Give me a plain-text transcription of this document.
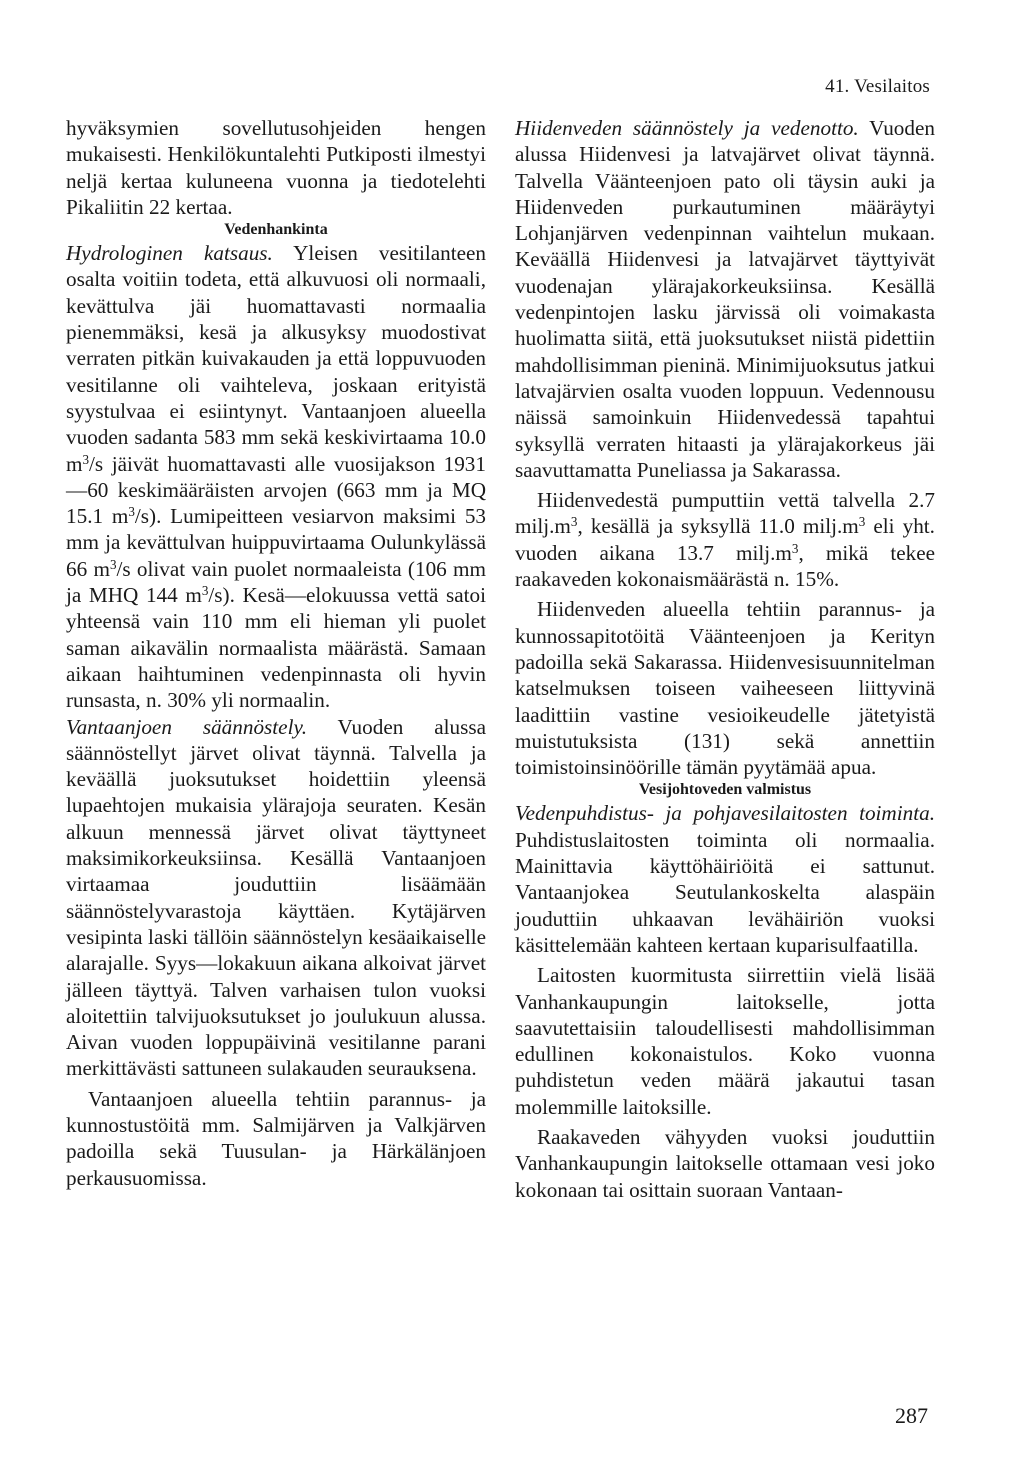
41. Vesilaitos

hyväksymien sovellutusohjeiden hengen mukaisesti. Henkilökuntalehti Putkiposti ilmestyi neljä kertaa kuluneena vuonna ja tiedotelehti Pikaliitin 22 kertaa.

Vedenhankinta

Hydrologinen katsaus. Yleisen vesitilanteen osalta voitiin todeta, että alkuvuosi oli normaali, kevättulva jäi huomattavasti normaalia pienemmäksi, kesä ja alkusyksy muodostivat verraten pitkän kuivakauden ja että loppuvuoden vesitilanne oli vaihteleva, joskaan erityistä syystulvaa ei esiintynyt. Vantaanjoen alueella vuoden sadanta 583 mm sekä keskivirtaama 10.0 $m^3/s$ jäivät huomattavasti alle vuosijakson 1931—60 keskimääräisten arvojen (663 mm ja MQ 15.1 $m^3/s$). Lumipeitteen vesiarvon maksimi 53 mm ja kevättulvan huippuvirtaama Oulunkylässä 66 $m^3/s$ olivat vain puolet normaaleista (106 mm ja MHQ 144 $m^3/s$). Kesä—elokuussa vettä satoi yhteensä vain 110 mm eli hieman yli puolet saman aikavälin normaalista määrästä. Samaan aikaan haihtuminen vedenpinnasta oli hyvin runsasta, n. 30% yli normaalin.

Vantaanjoen säännöstely. Vuoden alussa säännöstellyt järvet olivat täynnä. Talvella ja keväällä juoksutukset hoidettiin yleensä lupaehtojen mukaisia ylärajoja seuraten. Kesän alkuun mennessä järvet olivat täyttyneet maksimikorkeuksiinsa. Kesällä Vantaanjoen virtaamaa jouduttiin lisäämään säännöstelyvarastoja käyttäen. Kytäjärven vesipinta laski tällöin säännöstelyn kesäaikaiselle alarajalle. Syys—lokakuun aikana alkoivat järvet jälleen täyttyä. Talven varhaisen tulon vuoksi aloitettiin talvijuoksutukset jo joulukuun alussa. Aivan vuoden loppupäivinä vesitilanne parani merkittävästi sattuneen sulakauden seurauksena.

Vantaanjoen alueella tehtiin parannus- ja kunnostustöitä mm. Salmijärven ja Valkjärven padoilla sekä Tuusulan- ja Härkälänjoen perkausuomissa.

Hiidenveden säännöstely ja vedenotto. Vuoden alussa Hiidenvesi ja latvajärvet olivat täynnä. Talvella Väänteenjoen pato oli täysin auki ja Hiidenveden purkautuminen määräytyi Lohjanjärven vedenpinnan vaihtelun mukaan. Keväällä Hiidenvesi ja latvajärvet täyttyivät vuodenajan ylärajakorkeuksiinsa. Kesällä vedenpintojen lasku järvissä oli voimakasta huolimatta siitä, että juoksutukset niistä pidettiin mahdollisimman pieninä. Minimijuoksutus jatkui latvajärvien osalta vuoden loppuun. Vedennousu näissä samoinkuin Hiidenvedessä tapahtui syksyllä verraten hitaasti ja ylärajakorkeus jäi saavuttamatta Puneliassa ja Sakarassa.

Hiidenvedestä pumputtiin vettä talvella 2.7 $milj.m^3$, kesällä ja syksyllä 11.0 $milj.m^3$ eli yht. vuoden aikana 13.7 $milj.m^3$, mikä tekee raakaveden kokonaismäärästä n. 15%.

Hiidenveden alueella tehtiin parannus- ja kunnossapitotöitä Väänteenjoen ja Kerityn padoilla sekä Sakarassa. Hiidenvesisuunnitelman katselmuksen toiseen vaiheeseen liittyvinä laadittiin vastine vesioikeudelle jätetyistä muistutuksista (131) sekä annettiin toimistoinsinöörille tämän pyytämää apua.

Vesijohtoveden valmistus

Vedenpuhdistus- ja pohjavesilaitosten toiminta. Puhdistuslaitosten toiminta oli normaalia. Mainittavia käyttöhäiriöitä ei sattunut. Vantaanjokea Seutulankoskelta alaspäin jouduttiin uhkaavan levähäiriön vuoksi käsittelemään kahteen kertaan kuparisulfaatilla.

Laitosten kuormitusta siirrettiin vielä lisää Vanhankaupungin laitokselle, jotta saavutettaisiin taloudellisesti mahdollisimman edullinen kokonaistulos. Koko vuonna puhdistetun veden määrä jakautui tasan molemmille laitoksille.

Raakaveden vähyyden vuoksi jouduttiin Vanhankaupungin laitokselle ottamaan vesi joko kokonaan tai osittain suoraan Vantaan-

287
